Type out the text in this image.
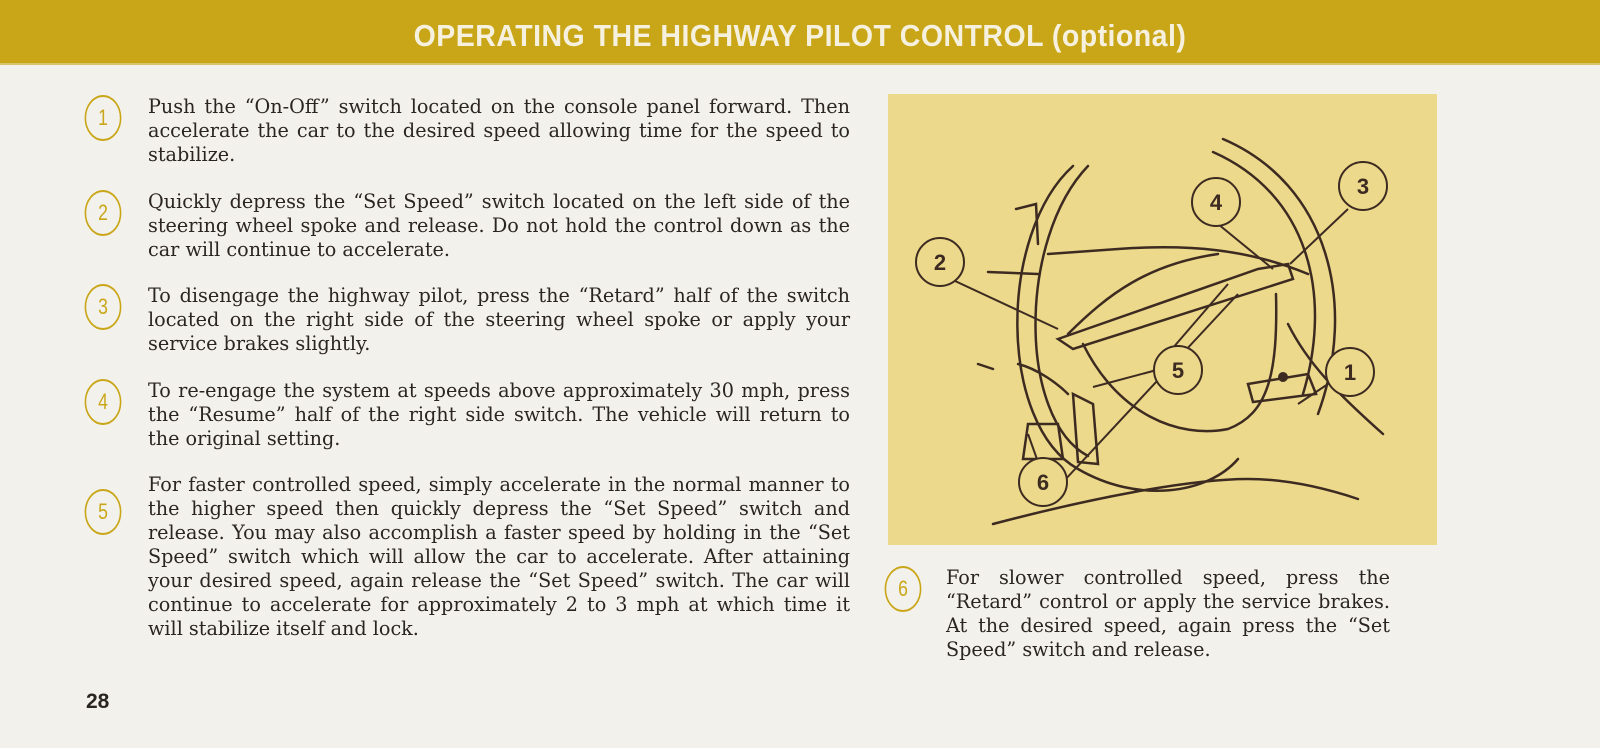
OPERATING THE HIGHWAY PILOT CONTROL (optional)
1	Push the “On-Off” switch located on the console panel forward. Then accelerate the car to the desired speed allowing time for the speed to stabilize.
2	Quickly depress the “Set Speed” switch located on the left side of the steering wheel spoke and release. Do not hold the control down as the car will continue to accelerate.
3	To disengage the highway pilot, press the “Retard” half of the switch located on the right side of the steering wheel spoke or apply your service brakes slightly.
4	To re-engage the system at speeds above approximately 30 mph, press the “Resume” half of the right side switch. The vehicle will return to the original setting.
5
For faster controlled speed, simply accelerate in the normal manner to the higher speed then quickly depress the “Set Speed” switch and release. You may also accomplish a faster speed by holding in the “Set Speed” switch which will allow the car to accelerate. After attaining your desired speed, again release the “Set Speed” switch. The car will continue to accelerate for approximately 2 to 3 mph at which time it will stabilize itself and lock.
6	For slower controlled speed, press the “Retard” control or apply the service brakes. At the desired speed, again press the “Set Speed” switch and release.
1
2
3
4
5
6
28
